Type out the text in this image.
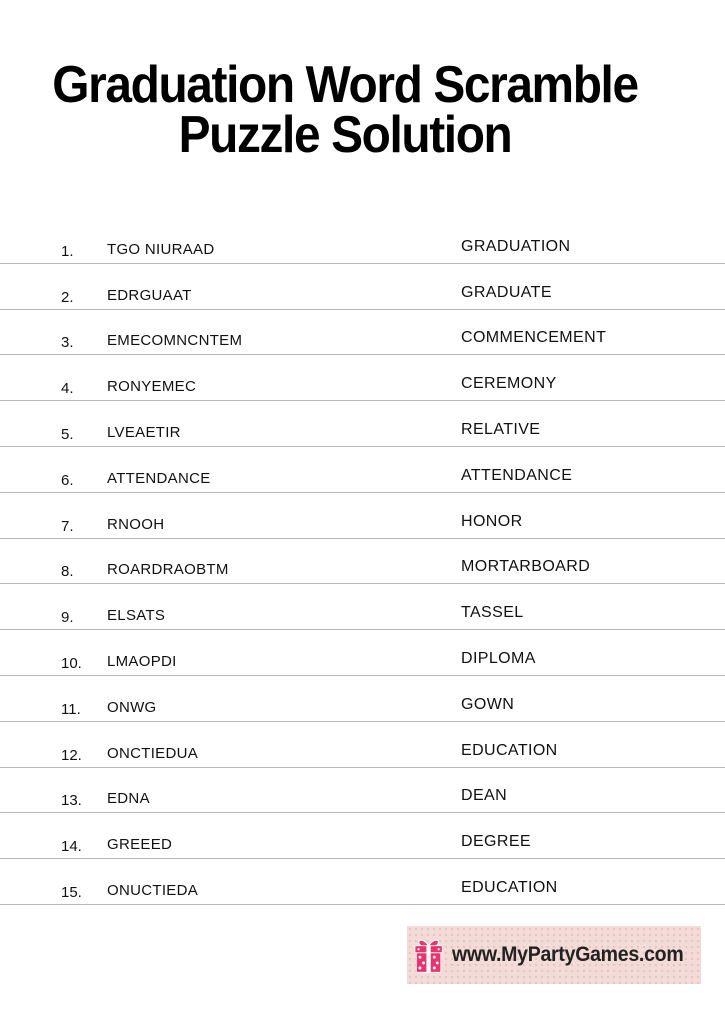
Graduation Word Scramble
Puzzle Solution
1. TGO NIURAAD	GRADUATION
2. EDRGUAAT	GRADUATE
3. EMECOMNCNTEM	COMMENCEMENT
4. RONYEMEC	CEREMONY
5. LVEAETIR	RELATIVE
6. ATTENDANCE	ATTENDANCE
7. RNOOH	HONOR
8. ROARDRAOBTM	MORTARBOARD
9. ELSATS	TASSEL
10. LMAOPDI	DIPLOMA
11. ONWG	GOWN
12. ONCTIEDUA	EDUCATION
13. EDNA	DEAN
14. GREEED	DEGREE
15. ONUCTIEDA	EDUCATION
www.MyPartyGames.com
